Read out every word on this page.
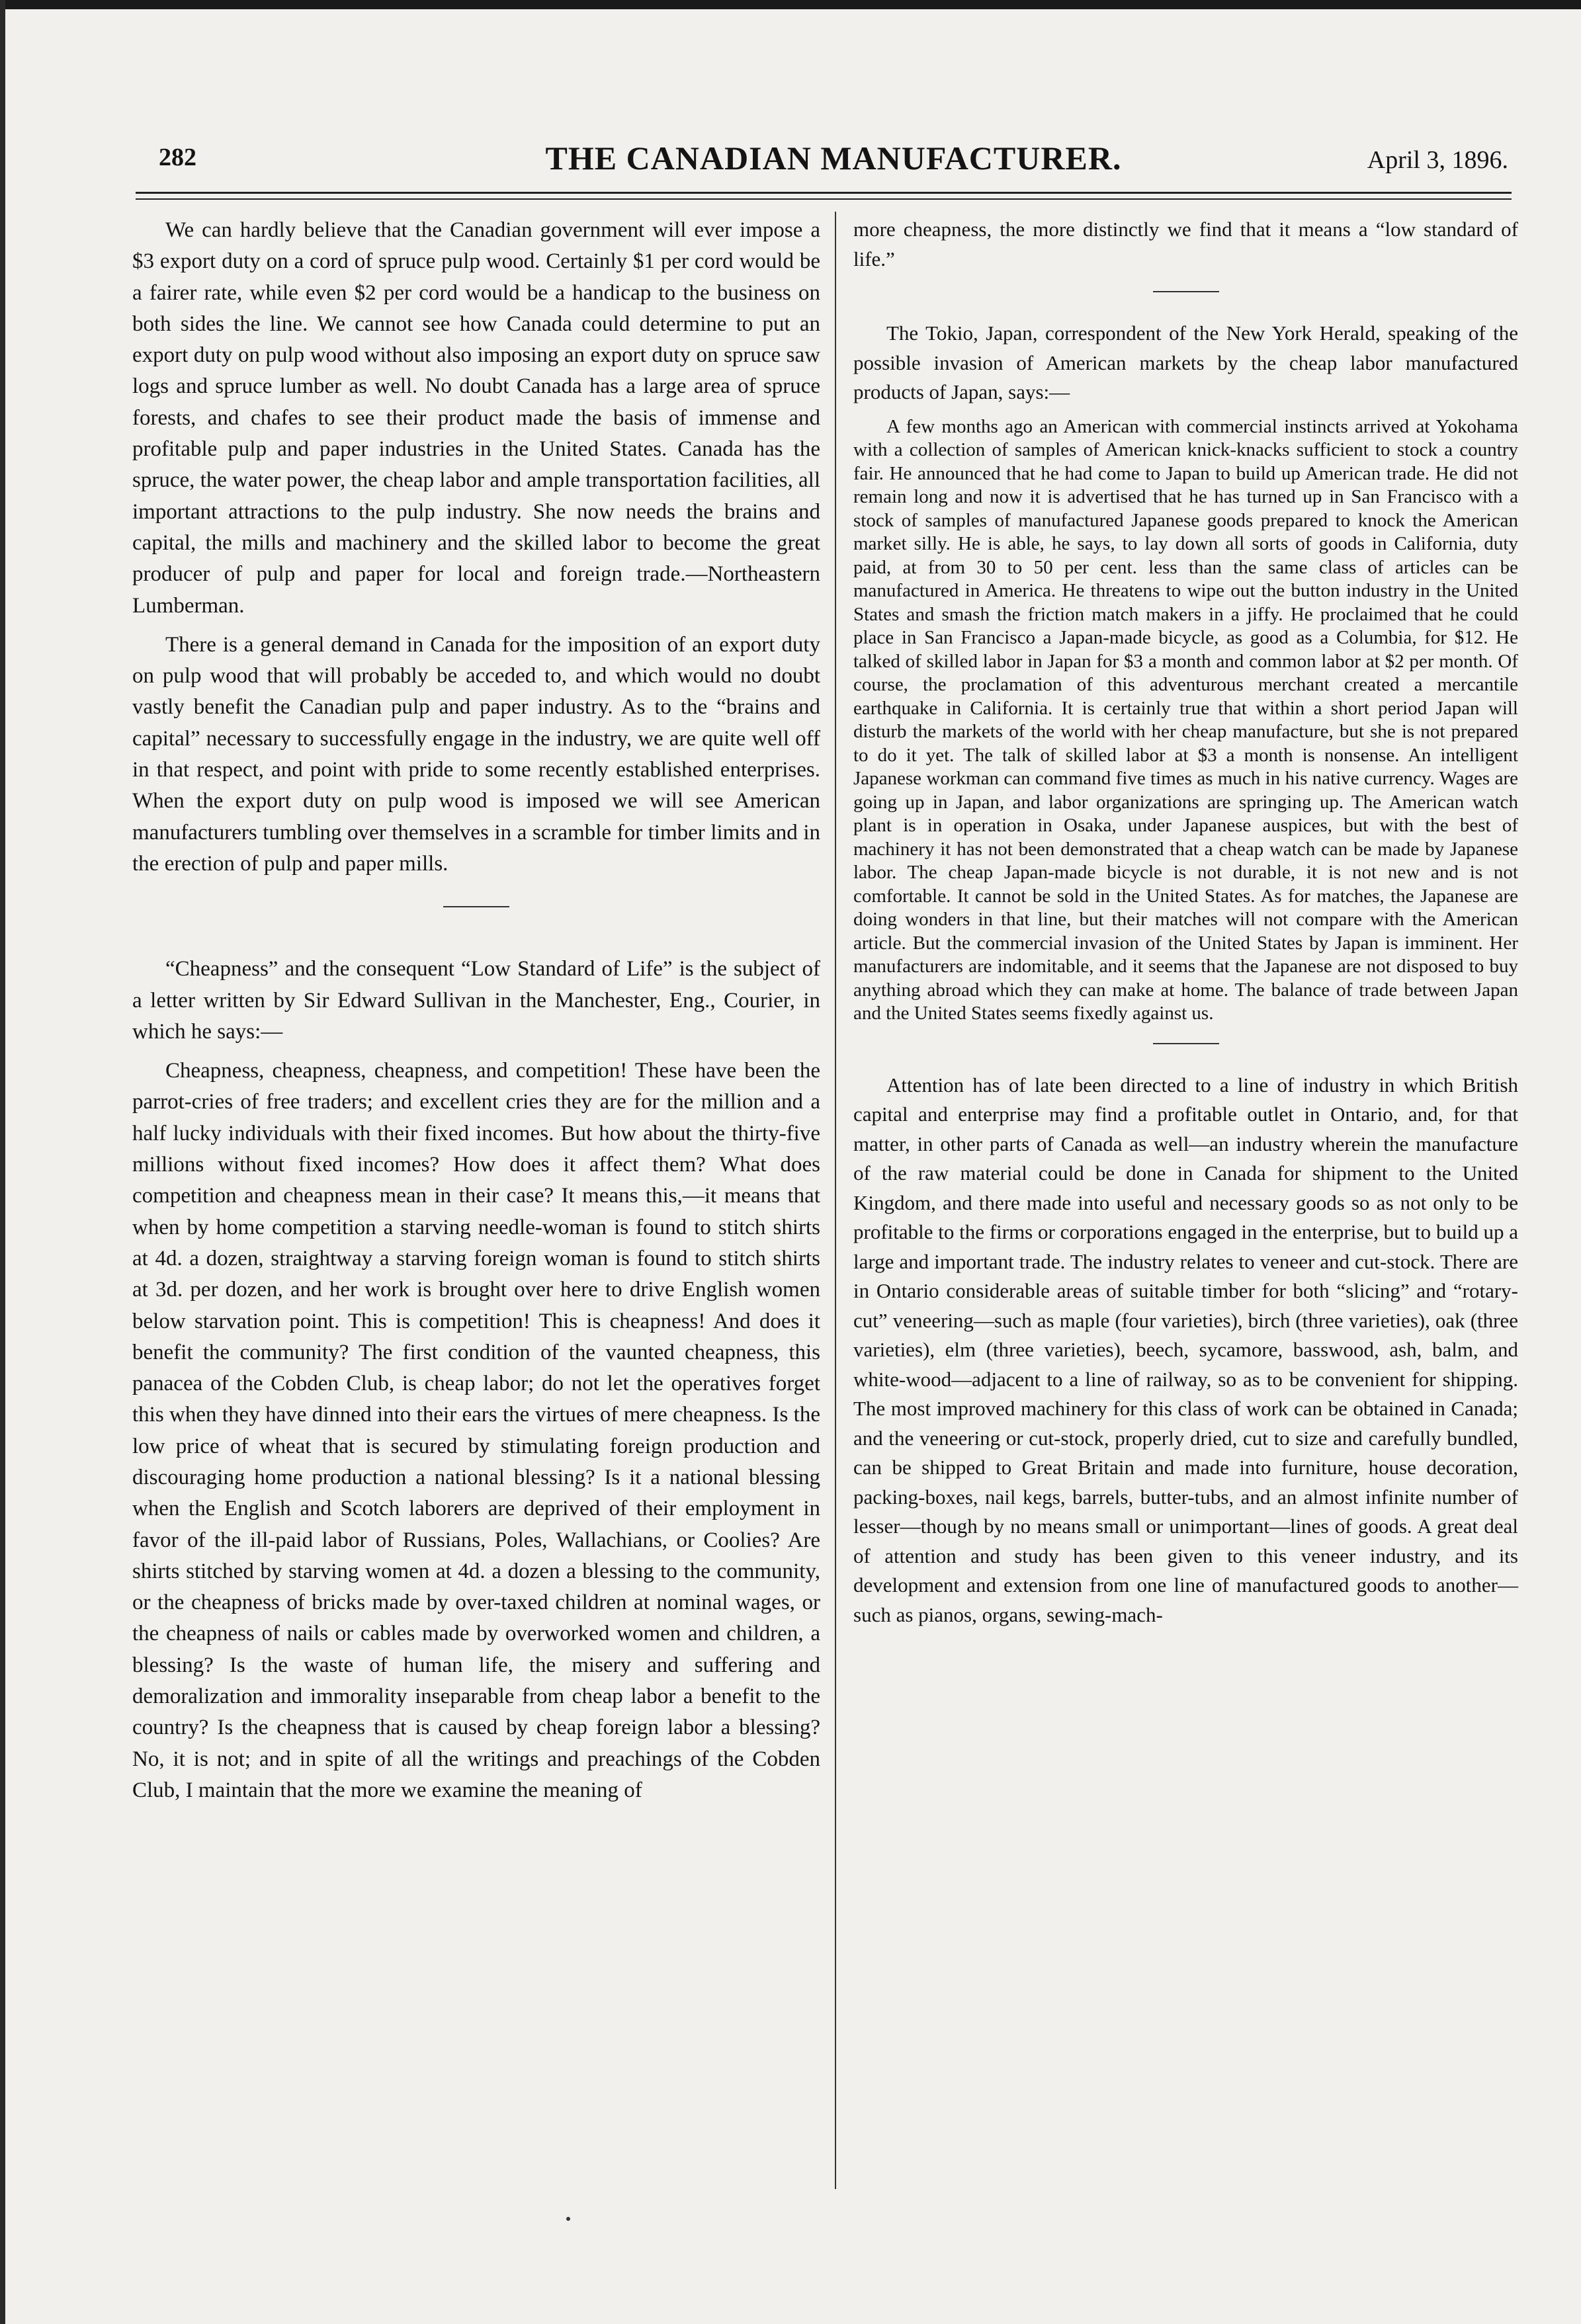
282	THE CANADIAN MANUFACTURER.	April 3, 1896.

We can hardly believe that the Canadian government will ever impose a $3 export duty on a cord of spruce pulp wood. Certainly $1 per cord would be a fairer rate, while even $2 per cord would be a handicap to the business on both sides the line. We cannot see how Canada could determine to put an export duty on pulp wood without also imposing an export duty on spruce saw logs and spruce lumber as well. No doubt Canada has a large area of spruce forests, and chafes to see their product made the basis of immense and profitable pulp and paper industries in the United States. Canada has the spruce, the water power, the cheap labor and ample transportation facilities, all important attractions to the pulp industry. She now needs the brains and capital, the mills and machinery and the skilled labor to become the great producer of pulp and paper for local and foreign trade.—Northeastern Lumberman.

There is a general demand in Canada for the imposition of an export duty on pulp wood that will probably be acceded to, and which would no doubt vastly benefit the Canadian pulp and paper industry. As to the “brains and capital” necessary to successfully engage in the industry, we are quite well off in that respect, and point with pride to some recently established enterprises. When the export duty on pulp wood is imposed we will see American manufacturers tumbling over themselves in a scramble for timber limits and in the erection of pulp and paper mills.

“Cheapness” and the consequent “Low Standard of Life” is the subject of a letter written by Sir Edward Sullivan in the Manchester, Eng., Courier, in which he says:—

Cheapness, cheapness, cheapness, and competition! These have been the parrot-cries of free traders; and excellent cries they are for the million and a half lucky individuals with their fixed incomes. But how about the thirty-five millions without fixed incomes? How does it affect them? What does competition and cheapness mean in their case? It means this,—it means that when by home competition a starving needle-woman is found to stitch shirts at 4d. a dozen, straightway a starving foreign woman is found to stitch shirts at 3d. per dozen, and her work is brought over here to drive English women below starvation point. This is competition! This is cheapness! And does it benefit the community? The first condition of the vaunted cheapness, this panacea of the Cobden Club, is cheap labor; do not let the operatives forget this when they have dinned into their ears the virtues of mere cheapness. Is the low price of wheat that is secured by stimulating foreign production and discouraging home production a national blessing? Is it a national blessing when the English and Scotch laborers are deprived of their employment in favor of the ill-paid labor of Russians, Poles, Wallachians, or Coolies? Are shirts stitched by starving women at 4d. a dozen a blessing to the community, or the cheapness of bricks made by over-taxed children at nominal wages, or the cheapness of nails or cables made by overworked women and children, a blessing? Is the waste of human life, the misery and suffering and demoralization and immorality inseparable from cheap labor a benefit to the country? Is the cheapness that is caused by cheap foreign labor a blessing? No, it is not; and in spite of all the writings and preachings of the Cobden Club, I maintain that the more we examine the meaning of

more cheapness, the more distinctly we find that it means a “low standard of life.”

The Tokio, Japan, correspondent of the New York Herald, speaking of the possible invasion of American markets by the cheap labor manufactured products of Japan, says:—

A few months ago an American with commercial instincts arrived at Yokohama with a collection of samples of American knick-knacks sufficient to stock a country fair. He announced that he had come to Japan to build up American trade. He did not remain long and now it is advertised that he has turned up in San Francisco with a stock of samples of manufactured Japanese goods prepared to knock the American market silly. He is able, he says, to lay down all sorts of goods in California, duty paid, at from 30 to 50 per cent. less than the same class of articles can be manufactured in America. He threatens to wipe out the button industry in the United States and smash the friction match makers in a jiffy. He proclaimed that he could place in San Francisco a Japan-made bicycle, as good as a Columbia, for $12. He talked of skilled labor in Japan for $3 a month and common labor at $2 per month. Of course, the proclamation of this adventurous merchant created a mercantile earthquake in California. It is certainly true that within a short period Japan will disturb the markets of the world with her cheap manufacture, but she is not prepared to do it yet. The talk of skilled labor at $3 a month is nonsense. An intelligent Japanese workman can command five times as much in his native currency. Wages are going up in Japan, and labor organizations are springing up. The American watch plant is in operation in Osaka, under Japanese auspices, but with the best of machinery it has not been demonstrated that a cheap watch can be made by Japanese labor. The cheap Japan-made bicycle is not durable, it is not new and is not comfortable. It cannot be sold in the United States. As for matches, the Japanese are doing wonders in that line, but their matches will not compare with the American article. But the commercial invasion of the United States by Japan is imminent. Her manufacturers are indomitable, and it seems that the Japanese are not disposed to buy anything abroad which they can make at home. The balance of trade between Japan and the United States seems fixedly against us.

Attention has of late been directed to a line of industry in which British capital and enterprise may find a profitable outlet in Ontario, and, for that matter, in other parts of Canada as well—an industry wherein the manufacture of the raw material could be done in Canada for shipment to the United Kingdom, and there made into useful and necessary goods so as not only to be profitable to the firms or corporations engaged in the enterprise, but to build up a large and important trade. The industry relates to veneer and cut-stock. There are in Ontario considerable areas of suitable timber for both “slicing” and “rotary-cut” veneering—such as maple (four varieties), birch (three varieties), oak (three varieties), elm (three varieties), beech, sycamore, basswood, ash, balm, and white-wood—adjacent to a line of railway, so as to be convenient for shipping. The most improved machinery for this class of work can be obtained in Canada; and the veneering or cut-stock, properly dried, cut to size and carefully bundled, can be shipped to Great Britain and made into furniture, house decoration, packing-boxes, nail kegs, barrels, butter-tubs, and an almost infinite number of lesser—though by no means small or unimportant—lines of goods. A great deal of attention and study has been given to this veneer industry, and its development and extension from one line of manufactured goods to another—such as pianos, organs, sewing-mach-
